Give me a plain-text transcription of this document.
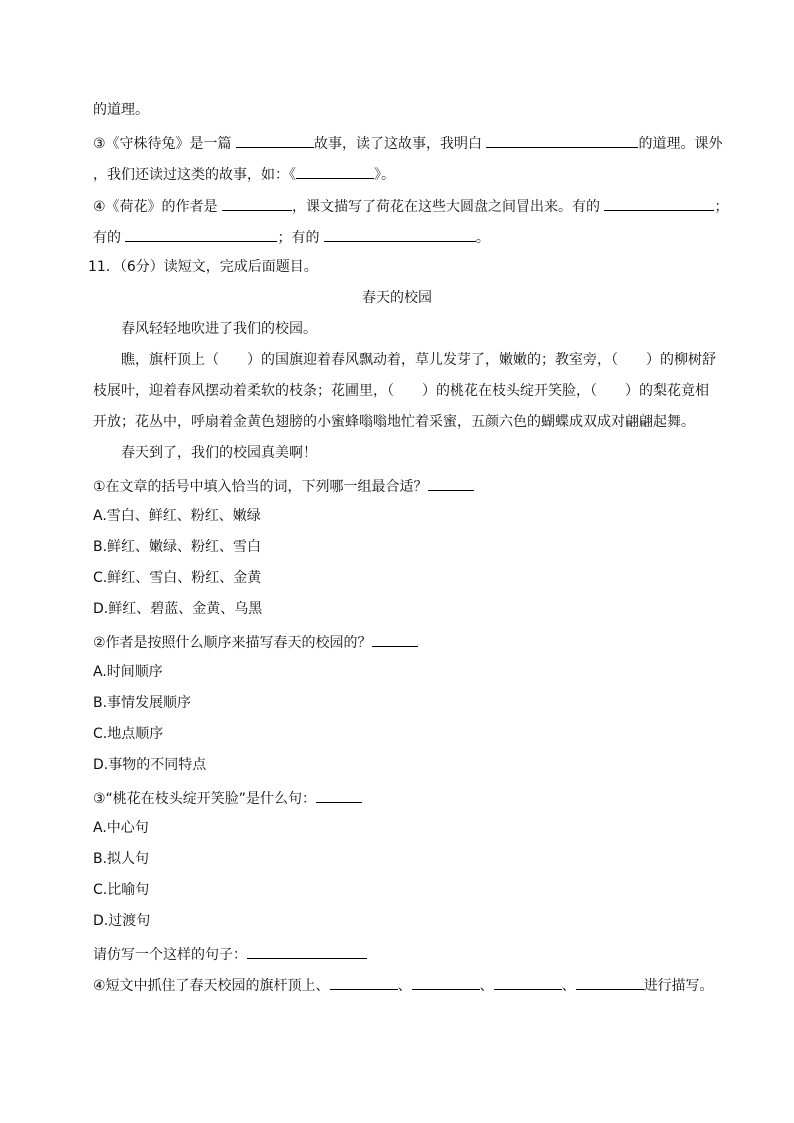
的道理。
③《守株待兔》是一篇	故事，读了这故事，我明白	的道理。课外
，我们还读过这类的故事，如：《	》。
④《荷花》的作者是	，课文描写了荷花在这些大圆盘之间冒出来。有的	；
有的	；有的	。
11．（6分）读短文，完成后面题目。
春天的校园
春风轻轻地吹进了我们的校园。
瞧，旗杆顶上（　　）的国旗迎着春风飘动着，草儿发芽了，嫩嫩的；教室旁，（　　）的柳树舒
枝展叶，迎着春风摆动着柔软的枝条；花圃里，（　　）的桃花在枝头绽开笑脸，（　　）的梨花竟相
开放；花丛中，呼扇着金黄色翅膀的小蜜蜂嗡嗡地忙着采蜜，五颜六色的蝴蝶成双成对翩翩起舞。
春天到了，我们的校园真美啊！
①在文章的括号中填入恰当的词，下列哪一组最合适？
A.雪白、鲜红、粉红、嫩绿
B.鲜红、嫩绿、粉红、雪白
C.鲜红、雪白、粉红、金黄
D.鲜红、碧蓝、金黄、乌黑
②作者是按照什么顺序来描写春天的校园的？
A.时间顺序
B.事情发展顺序
C.地点顺序
D.事物的不同特点
③“桃花在枝头绽开笑脸”是什么句：
A.中心句
B.拟人句
C.比喻句
D.过渡句
请仿写一个这样的句子：
④短文中抓住了春天校园的旗杆顶上、	、	、	、	进行描写。
